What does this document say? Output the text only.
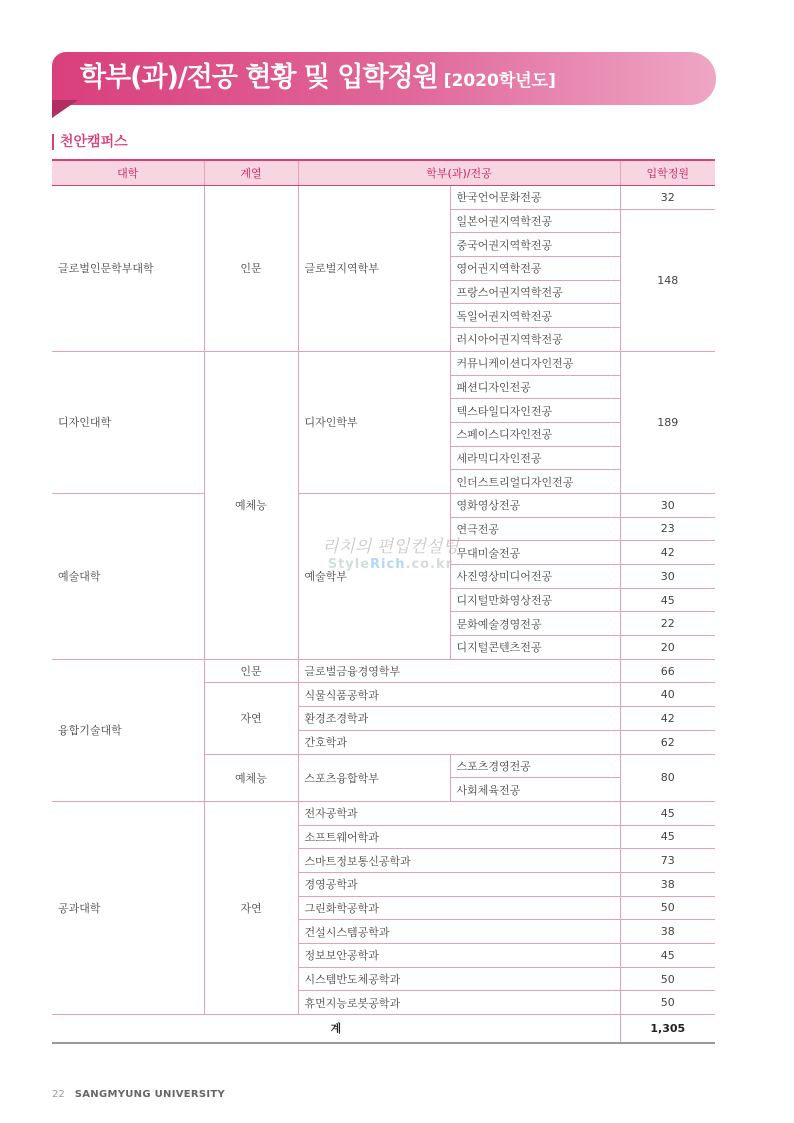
학부(과)/전공 현황 및 입학정원 [2020학년도]
천안캠퍼스
대학	계열	학부(과)/전공		입학정원
글로벌인문학부대학	인문	글로벌지역학부	한국언어문화전공	32
			일본어권지역학전공	148
			중국어권지역학전공	
			영어권지역학전공	
			프랑스어권지역학전공	
			독일어권지역학전공	
			러시아어권지역학전공	
디자인대학	예체능	디자인학부	커뮤니케이션디자인전공	189
			패션디자인전공	
			텍스타일디자인전공	
			스페이스디자인전공	
			세라믹디자인전공	
			인더스트리얼디자인전공	
예술대학		예술학부	영화영상전공	30
			연극전공	23
			무대미술전공	42
			사진영상미디어전공	30
			디지털만화영상전공	45
			문화예술경영전공	22
			디지털콘텐츠전공	20
융합기술대학	인문	글로벌금융경영학부		66
	자연	식물식품공학과		40
		환경조경학과		42
		간호학과		62
	예체능	스포츠융합학부	스포츠경영전공	80
			사회체육전공	
공과대학	자연	전자공학과		45
		소프트웨어학과		45
		스마트정보통신공학과		73
		경영공학과		38
		그린화학공학과		50
		건설시스템공학과		38
		정보보안공학과		45
		시스템반도체공학과		50
		휴먼지능로봇공학과		50
계				1,305
리치의 편입컨설팅
StyleRich.co.kr
22 SANGMYUNG UNIVERSITY
